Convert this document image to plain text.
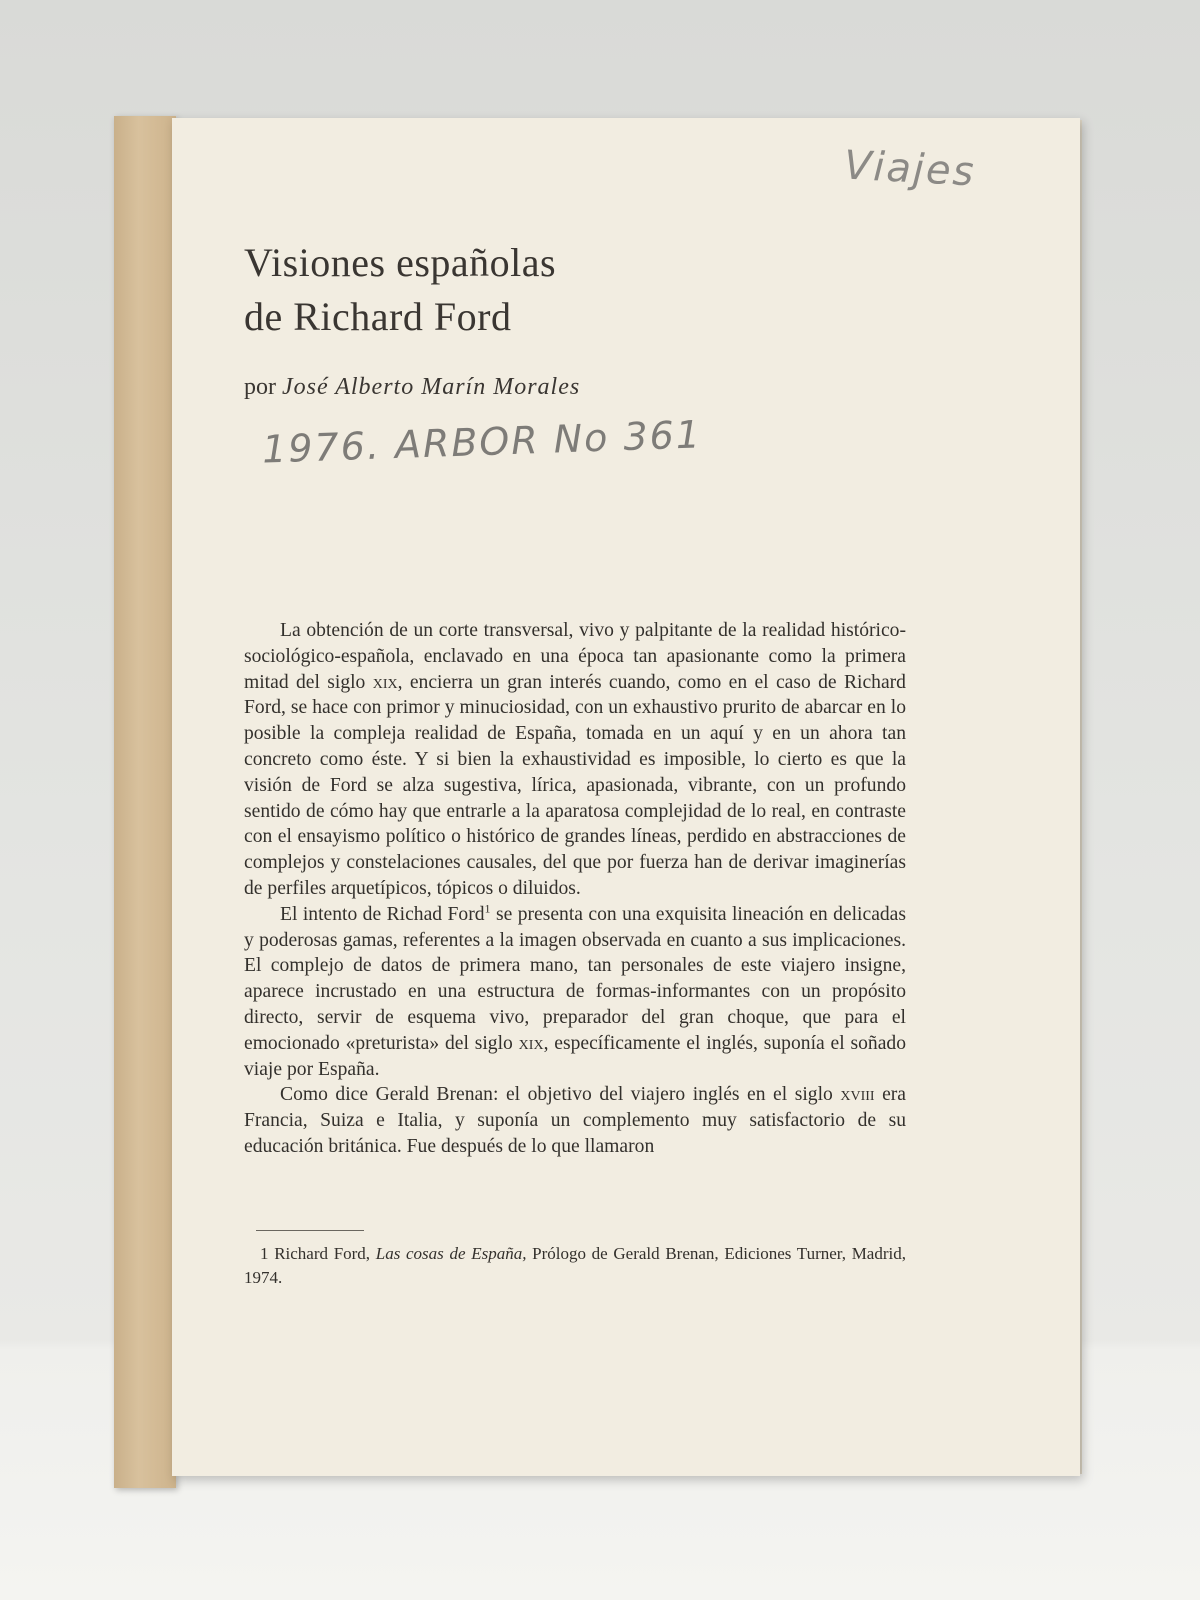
Viajes
Visiones españolas
de Richard Ford
por José Alberto Marín Morales
1976. ARBOR No 361

La obtención de un corte transversal, vivo y palpitante de la realidad histórico-sociológico-española, enclavado en una época tan apasionante como la primera mitad del siglo xix, encierra un gran interés cuando, como en el caso de Richard Ford, se hace con primor y minuciosidad, con un exhaustivo prurito de abarcar en lo posible la compleja realidad de España, tomada en un aquí y en un ahora tan concreto como éste. Y si bien la exhaustividad es imposible, lo cierto es que la visión de Ford se alza sugestiva, lírica, apasionada, vibrante, con un profundo sentido de cómo hay que entrarle a la aparatosa complejidad de lo real, en contraste con el ensayismo político o histórico de grandes líneas, perdido en abstracciones de complejos y constelaciones causales, del que por fuerza han de derivar imaginerías de perfiles arquetípicos, tópicos o diluidos.

El intento de Richad Ford$^1$ se presenta con una exquisita lineación en delicadas y poderosas gamas, referentes a la imagen observada en cuanto a sus implicaciones. El complejo de datos de primera mano, tan personales de este viajero insigne, aparece incrustado en una estructura de formas-informantes con un propósito directo, servir de esquema vivo, preparador del gran choque, que para el emocionado «preturista» del siglo xix, específicamente el inglés, suponía el soñado viaje por España.

Como dice Gerald Brenan: el objetivo del viajero inglés en el siglo xviii era Francia, Suiza e Italia, y suponía un complemento muy satisfactorio de su educación británica. Fue después de lo que llamaron

1 Richard Ford, Las cosas de España, Prólogo de Gerald Brenan, Ediciones Turner, Madrid, 1974.
